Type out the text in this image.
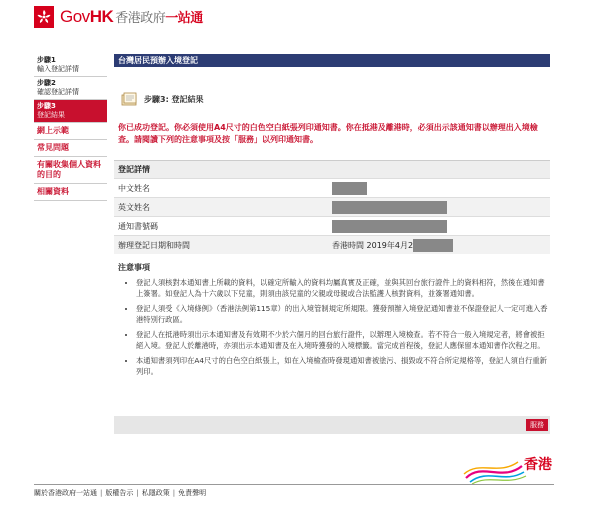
GovHK 香港政府一站通
步驟1
輸入登記詳情
步驟2
確認登記詳情
步驟3
登記結果
網上示範
常見問題
有關收集個人資料的目的
相關資料
台灣居民預辦入境登記
步驟3: 登記結果
你已成功登記。你必須使用A4尺寸的白色空白紙張列印通知書。你在抵港及離港時，必須出示該通知書以辦理出入境檢查。請閱讀下列的注意事項及按「服務」以列印通知書。
登記詳情
中文姓名
英文姓名
通知書號碼
辦理登記日期和時間	香港時間 2019年4月2
注意事項
• 登記人須核對本通知書上所載的資料，以確定所輸入的資料均屬真實及正確，並與其回台旅行證件上的資料相符，然後在通知書上簽署。如登記人為十六歲以下兒童，則須由該兒童的父親或母親或合法監護人核對資料，並簽署通知書。
• 登記人須受《入境條例》（香港法例第115章）的出入境管制規定所規限。獲發預辦入境登記通知書並不保證登記人一定可進入香港特別行政區。
• 登記人在抵港時須出示本通知書及有效期不少於六個月的回台旅行證件，以辦理入境檢查。若不符合一般入境規定者，將會被拒絕入境。登記人於離港時，亦須出示本通知書及在入境時獲發的入境標籤。當完成首程後，登記人應保留本通知書作次程之用。
• 本通知書須列印在A4尺寸的白色空白紙張上，如在入境檢查時發現通知書被塗污、損毀或不符合所定規格等，登記人須自行重新列印。
服務
香港
關於香港政府一站通 | 版權告示 | 私隱政策 | 免責聲明
